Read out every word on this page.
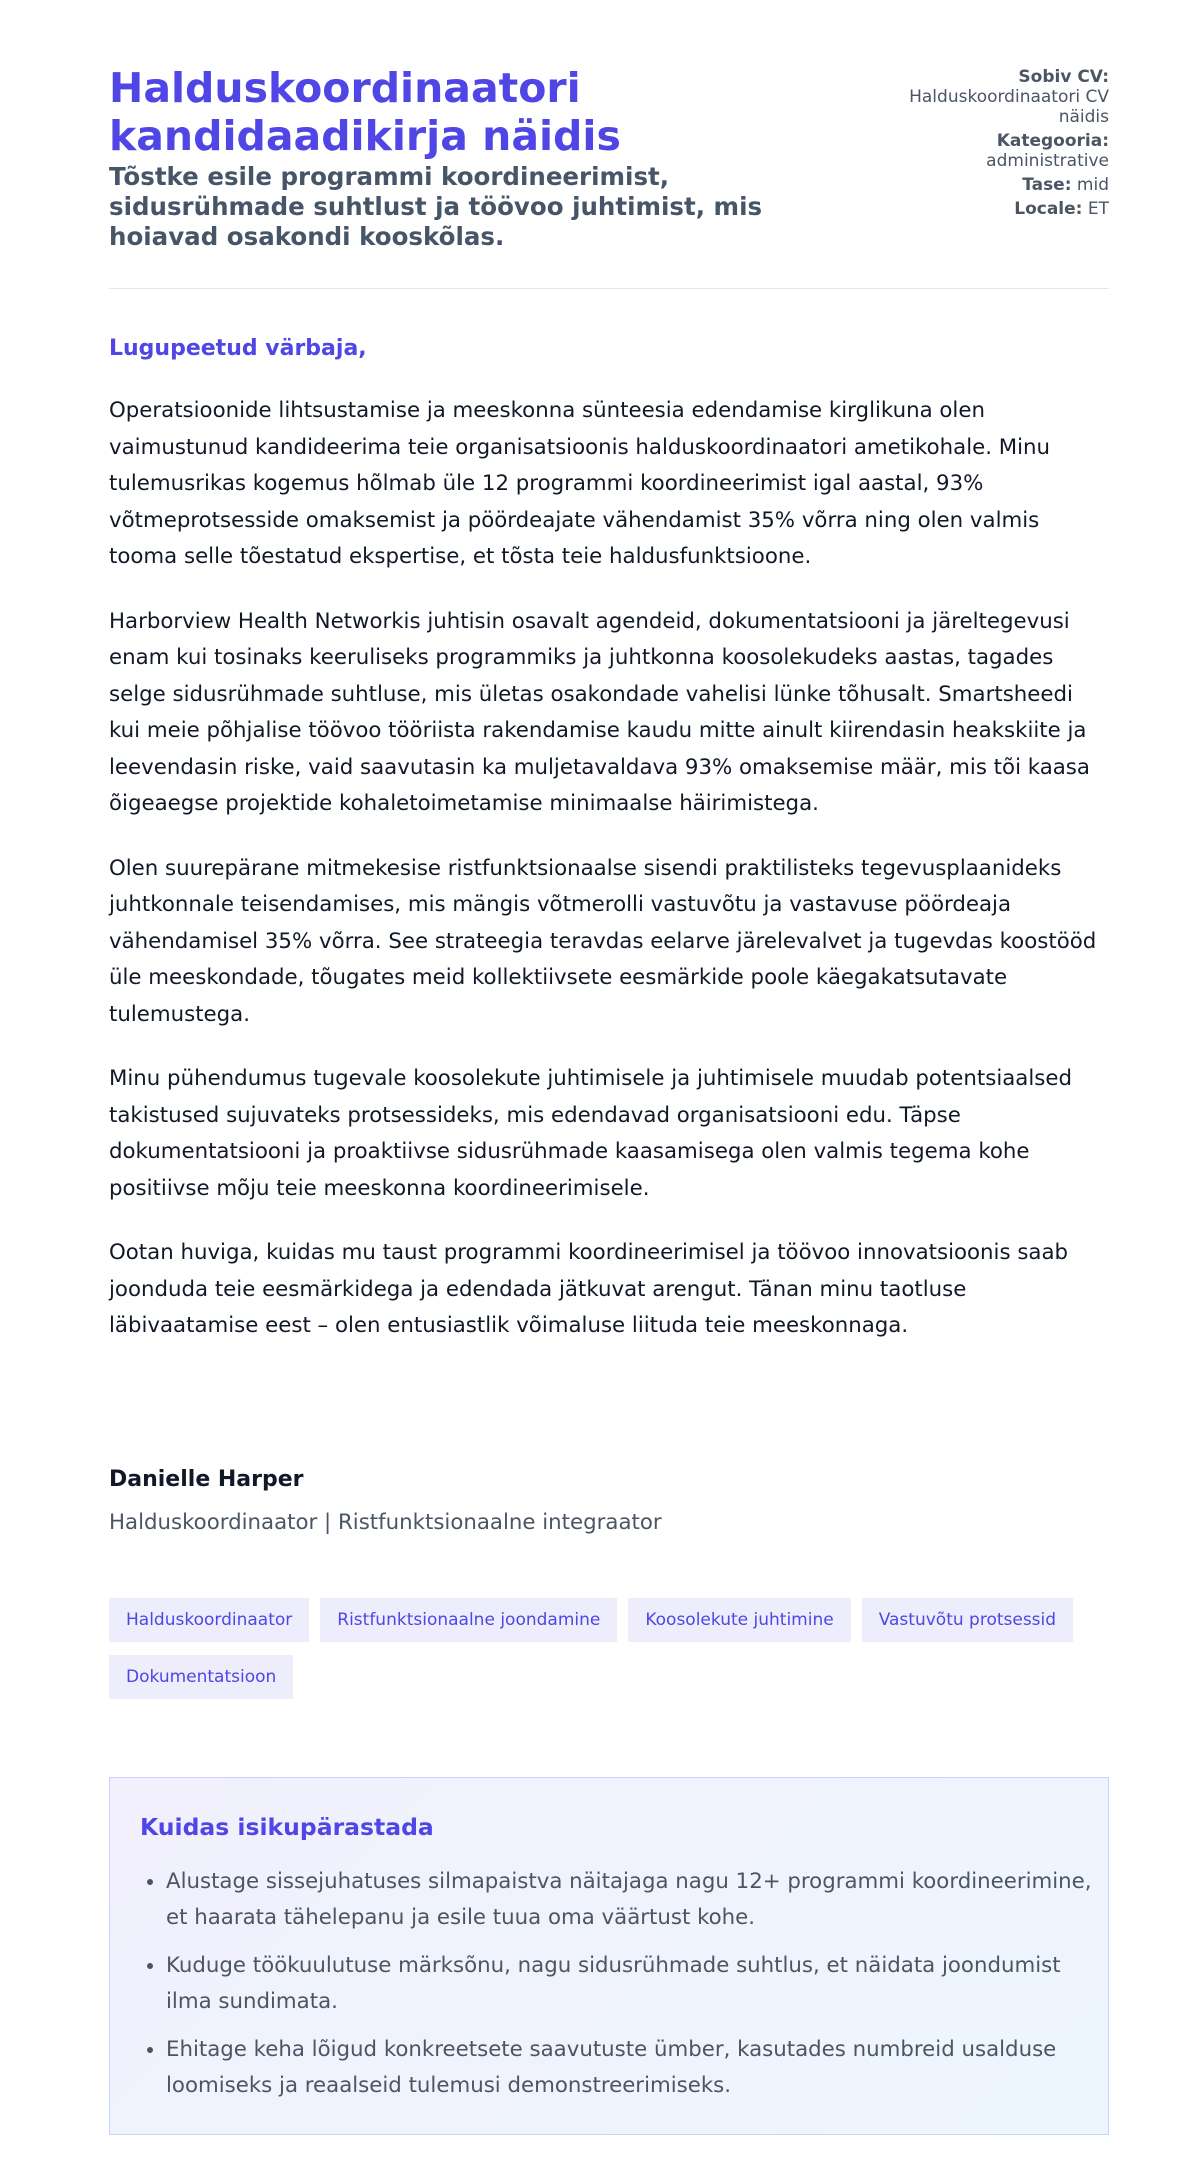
Halduskoordinaatori kandidaadikirja näidis
Tõstke esile programmi koordineerimist, sidusrühmade suhtlust ja töövoo juhtimist, mis hoiavad osakondi kooskõlas.
Sobiv CV:
Halduskoordinaatori CV näidis
Kategooria:
administrative
Tase: mid
Locale: ET

Lugupeetud värbaja,

Operatsioonide lihtsustamise ja meeskonna sünteesia edendamise kirglikuna olen vaimustunud kandideerima teie organisatsioonis halduskoordinaatori ametikohale. Minu tulemusrikas kogemus hõlmab üle 12 programmi koordineerimist igal aastal, 93% võtmeprotsesside omaksemist ja pöördeajate vähendamist 35% võrra ning olen valmis tooma selle tõestatud ekspertise, et tõsta teie haldusfunktsioone.

Harborview Health Networkis juhtisin osavalt agendeid, dokumentatsiooni ja järeltegevusi enam kui tosinaks keeruliseks programmiks ja juhtkonna koosolekudeks aastas, tagades selge sidusrühmade suhtluse, mis ületas osakondade vahelisi lünke tõhusalt. Smartsheedi kui meie põhjalise töövoo tööriista rakendamise kaudu mitte ainult kiirendasin heakskiite ja leevendasin riske, vaid saavutasin ka muljetavaldava 93% omaksemise määr, mis tõi kaasa õigeaegse projektide kohaletoimetamise minimaalse häirimistega.

Olen suurepärane mitmekesise ristfunktsionaalse sisendi praktilisteks tegevusplaanideks juhtkonnale teisendamises, mis mängis võtmerolli vastuvõtu ja vastavuse pöördeaja vähendamisel 35% võrra. See strateegia teravdas eelarve järelevalvet ja tugevdas koostööd üle meeskondade, tõugates meid kollektiivsete eesmärkide poole käegakatsutavate tulemustega.

Minu pühendumus tugevale koosolekute juhtimisele ja juhtimisele muudab potentsiaalsed takistused sujuvateks protsessideks, mis edendavad organisatsiooni edu. Täpse dokumentatsiooni ja proaktiivse sidusrühmade kaasamisega olen valmis tegema kohe positiivse mõju teie meeskonna koordineerimisele.

Ootan huviga, kuidas mu taust programmi koordineerimisel ja töövoo innovatsioonis saab joonduda teie eesmärkidega ja edendada jätkuvat arengut. Tänan minu taotluse läbivaatamise eest – olen entusiastlik võimaluse liituda teie meeskonnaga.

Danielle Harper

Halduskoordinaator | Ristfunktsionaalne integraator

Halduskoordinaator	Ristfunktsionaalne joondamine	Koosolekute juhtimine	Vastuvõtu protsessid
Dokumentatsioon
Kuidas isikupärastada
• Alustage sissejuhatuses silmapaistva näitajaga nagu 12+ programmi koordineerimine, et haarata tähelepanu ja esile tuua oma väärtust kohe.
• Kuduge töökuulutuse märksõnu, nagu sidusrühmade suhtlus, et näidata joondumist ilma sundimata.
• Ehitage keha lõigud konkreetsete saavutuste ümber, kasutades numbreid usalduse loomiseks ja reaalseid tulemusi demonstreerimiseks.
